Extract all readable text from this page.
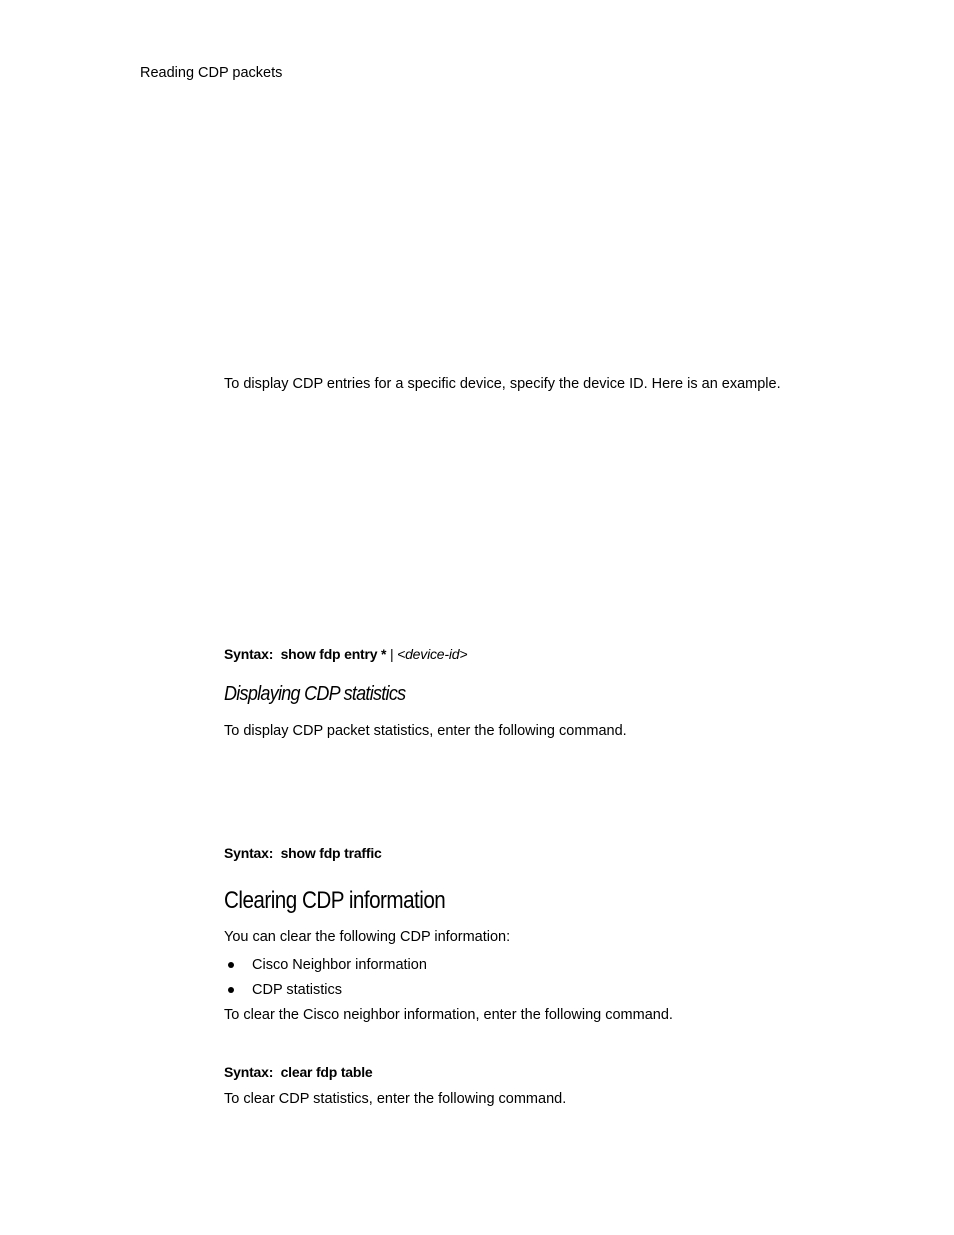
Reading CDP packets
To display CDP entries for a specific device, specify the device ID. Here is an example.
Syntax: show fdp entry * | <device-id>
Displaying CDP statistics
To display CDP packet statistics, enter the following command.
Syntax: show fdp traffic
Clearing CDP information
You can clear the following CDP information:
Cisco Neighbor information
CDP statistics
To clear the Cisco neighbor information, enter the following command.
Syntax: clear fdp table
To clear CDP statistics, enter the following command.
